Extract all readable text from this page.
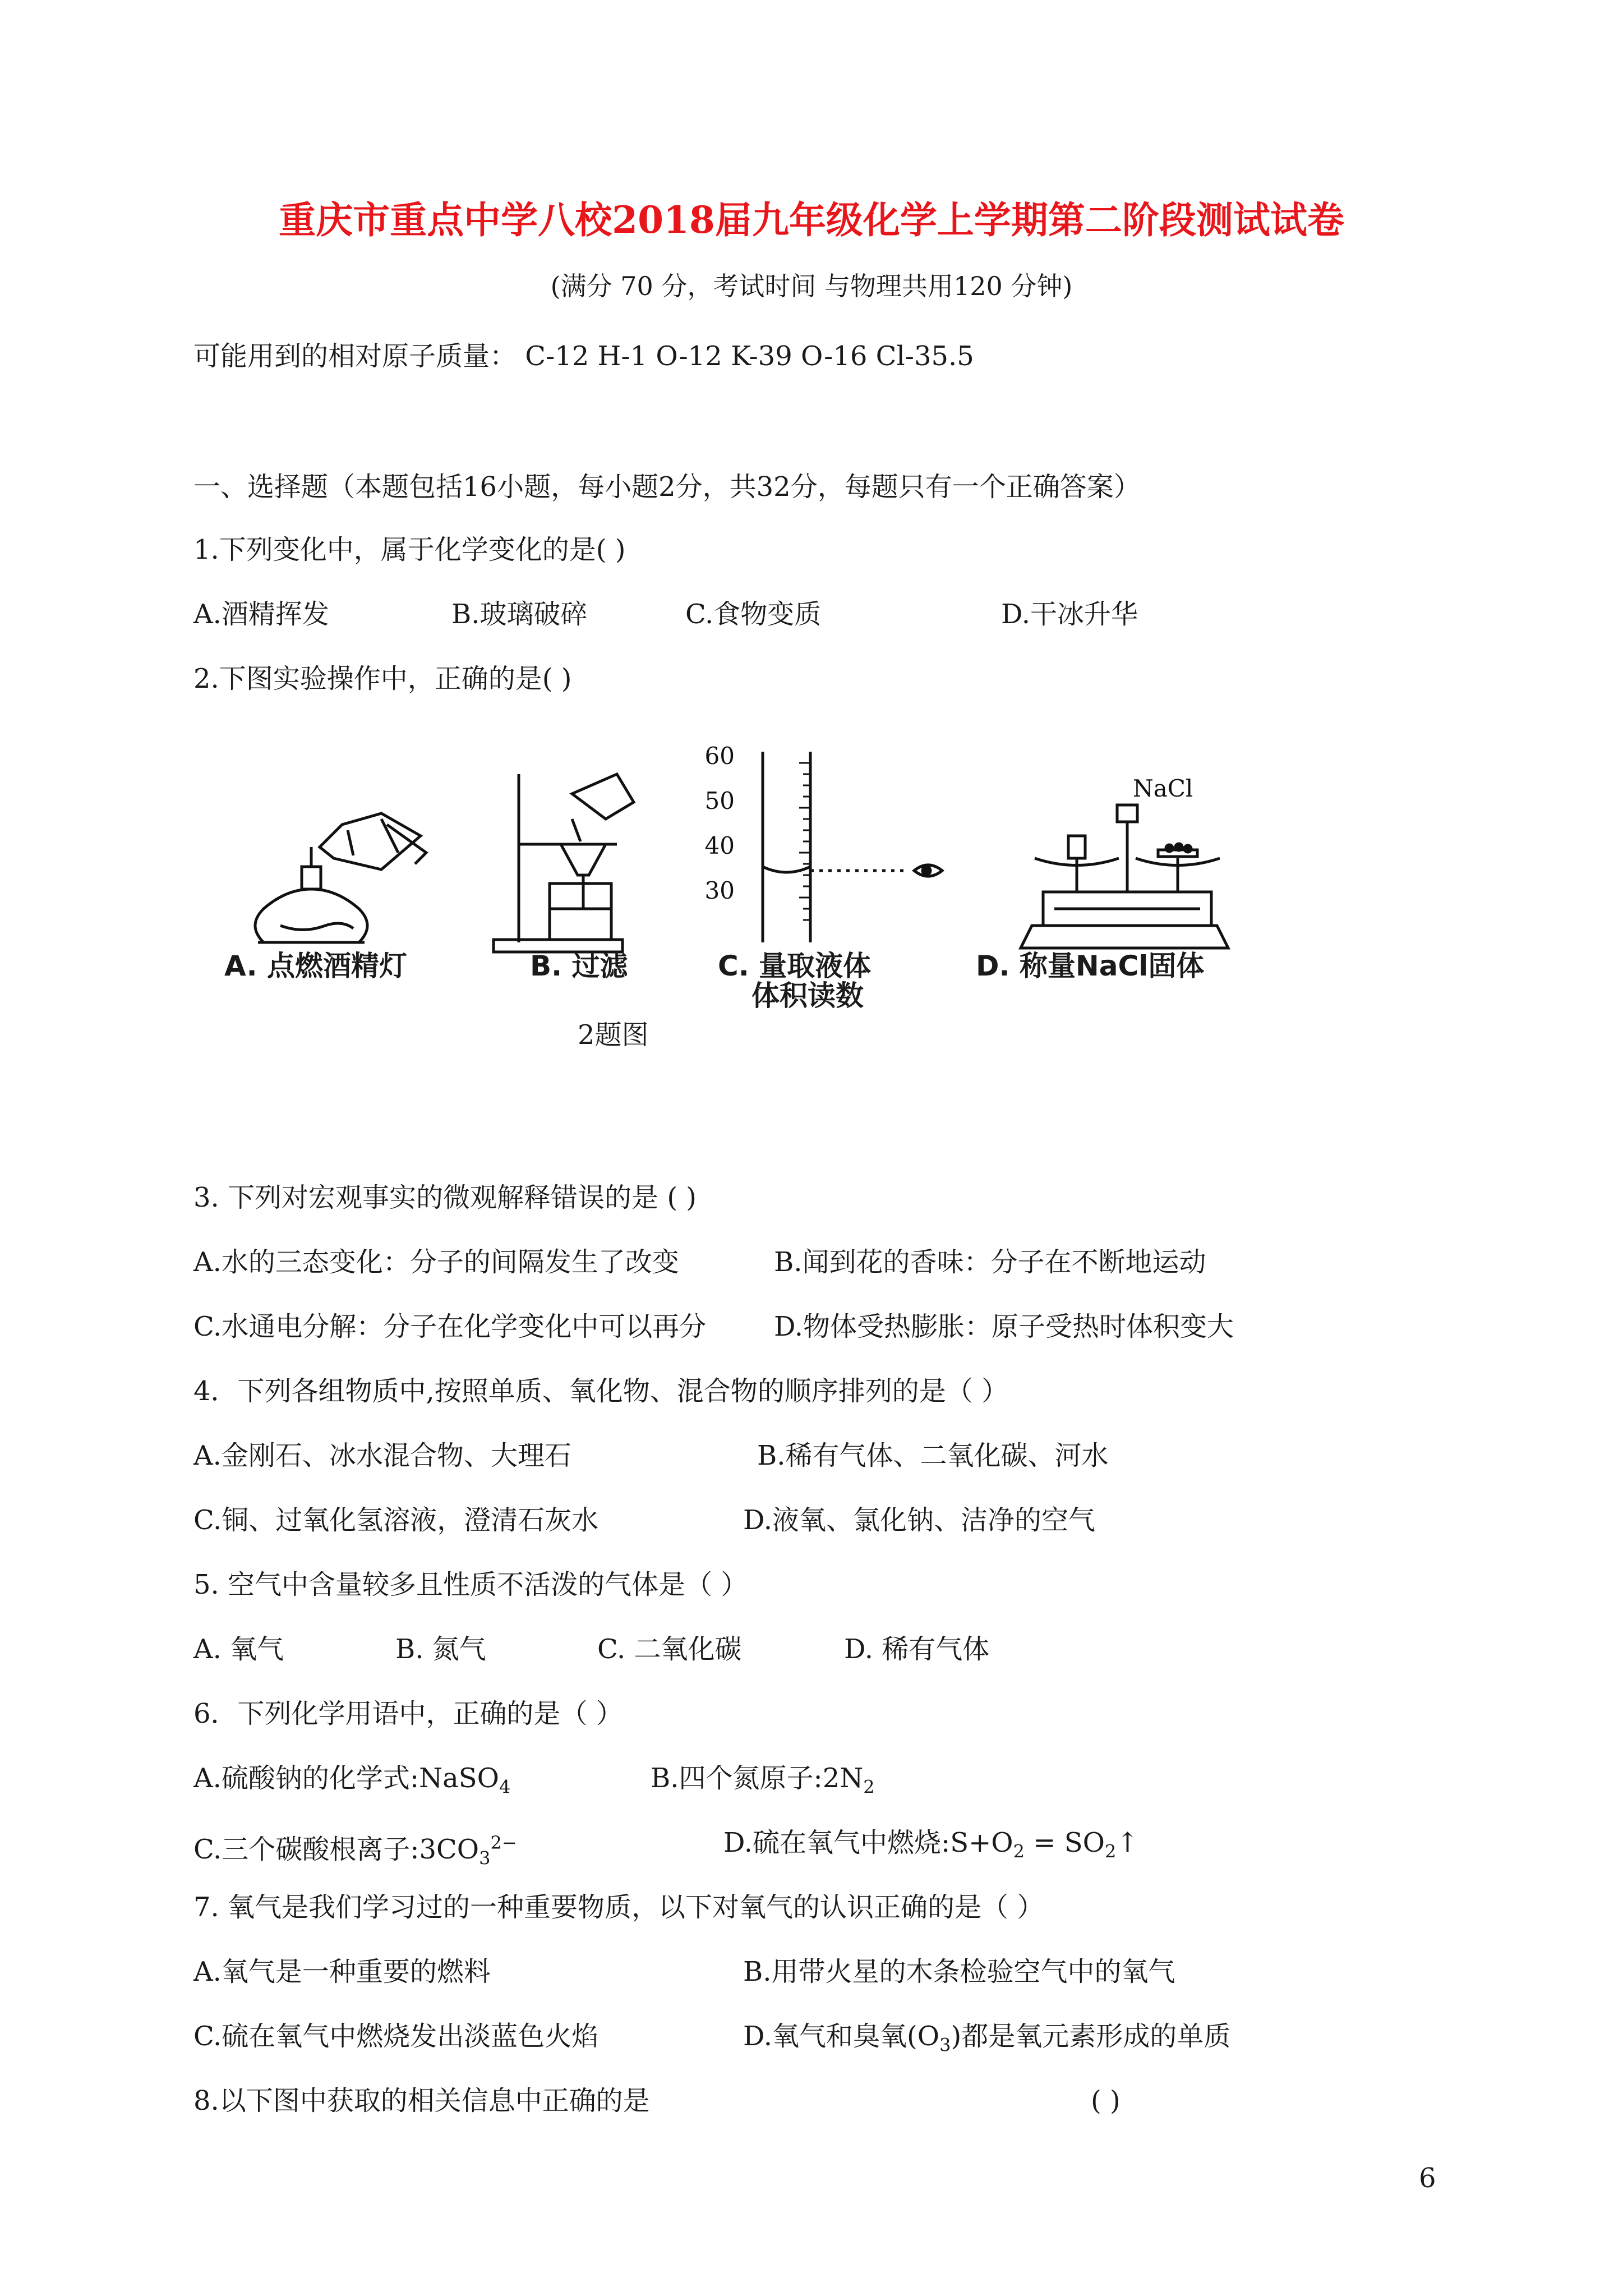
重庆市重点中学八校2018届九年级化学上学期第二阶段测试试卷
(满分 70 分，考试时间 与物理共用120 分钟)
可能用到的相对原子质量： C-12 H-1 O-12 K-39 O-16 Cl-35.5
一、选择题（本题包括16小题，每小题2分，共32分，每题只有一个正确答案）
1.下列变化中，属于化学变化的是( )
A.酒精挥发	B.玻璃破碎	C.食物变质	D.干冰升华
2.下图实验操作中，正确的是( )
60
50
40
30
NaCl
A. 点燃酒精灯	B. 过滤	C. 量取液体
体积读数
D. 称量NaCl固体
2题图
3. 下列对宏观事实的微观解释错误的是 ( )
A.水的三态变化：分子的间隔发生了改变	B.闻到花的香味：分子在不断地运动
C.水通电分解：分子在化学变化中可以再分	D.物体受热膨胀：原子受热时体积变大
4．下列各组物质中,按照单质、氧化物、混合物的顺序排列的是（ ）
A.金刚石、冰水混合物、大理石	B.稀有气体、二氧化碳、河水
C.铜、过氧化氢溶液，澄清石灰水	D.液氧、氯化钠、洁净的空气
5. 空气中含量较多且性质不活泼的气体是（ ）
A. 氧气	B. 氮气	C. 二氧化碳	D. 稀有气体
6．下列化学用语中，正确的是（ ）
A.硫酸钠的化学式:NaSO$_4$	B.四个氮原子$:2N_2$
C.三个碳酸根离子$:3CO_3^{2-}$	D.硫在氧气中燃烧$:S+O_2$ = $SO_2↑$
7. 氧气是我们学习过的一种重要物质，以下对氧气的认识正确的是（ ）
A.氧气是一种重要的燃料	B.用带火星的木条检验空气中的氧气
C.硫在氧气中燃烧发出淡蓝色火焰	D.氧气和臭氧$(O_3)$都是氧元素形成的单质
8.以下图中获取的相关信息中正确的是	( )
6
